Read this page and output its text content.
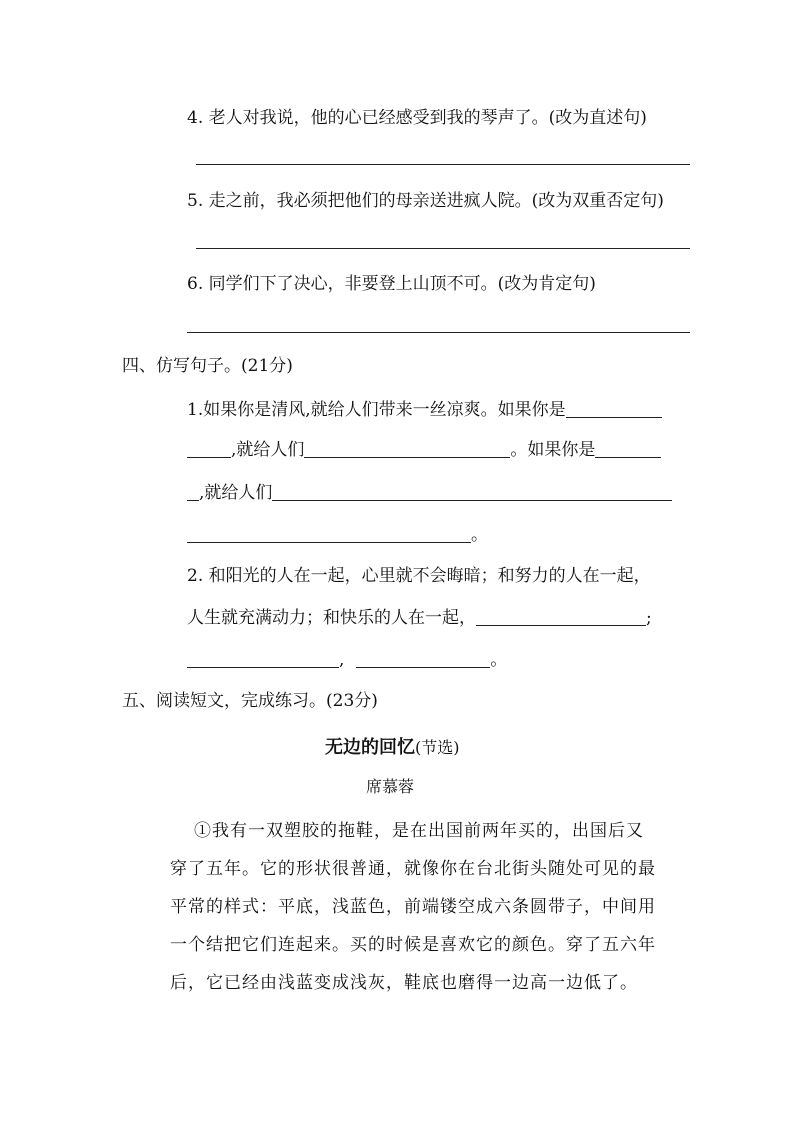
4. 老人对我说，他的心已经感受到我的琴声了。(改为直述句)
5. 走之前，我必须把他们的母亲送进疯人院。(改为双重否定句)
6. 同学们下了决心，非要登上山顶不可。(改为肯定句)
四、仿写句子。(21分)
1.如果你是清风,就给人们带来一丝凉爽。如果你是
,就给人们	。如果你是
,就给人们
。
2. 和阳光的人在一起，心里就不会晦暗；和努力的人在一起，
人生就充满动力；和快乐的人在一起，	;
,	。
五、阅读短文，完成练习。(23分)
无边的回忆(节选)
席慕蓉
①我有一双塑胶的拖鞋，是在出国前两年买的，出国后又穿了五年。它的形状很普通，就像你在台北街头随处可见的最平常的样式：平底，浅蓝色，前端镂空成六条圆带子，中间用一个结把它们连起来。买的时候是喜欢它的颜色。穿了五六年后，它已经由浅蓝变成浅灰，鞋底也磨得一边高一边低了。
